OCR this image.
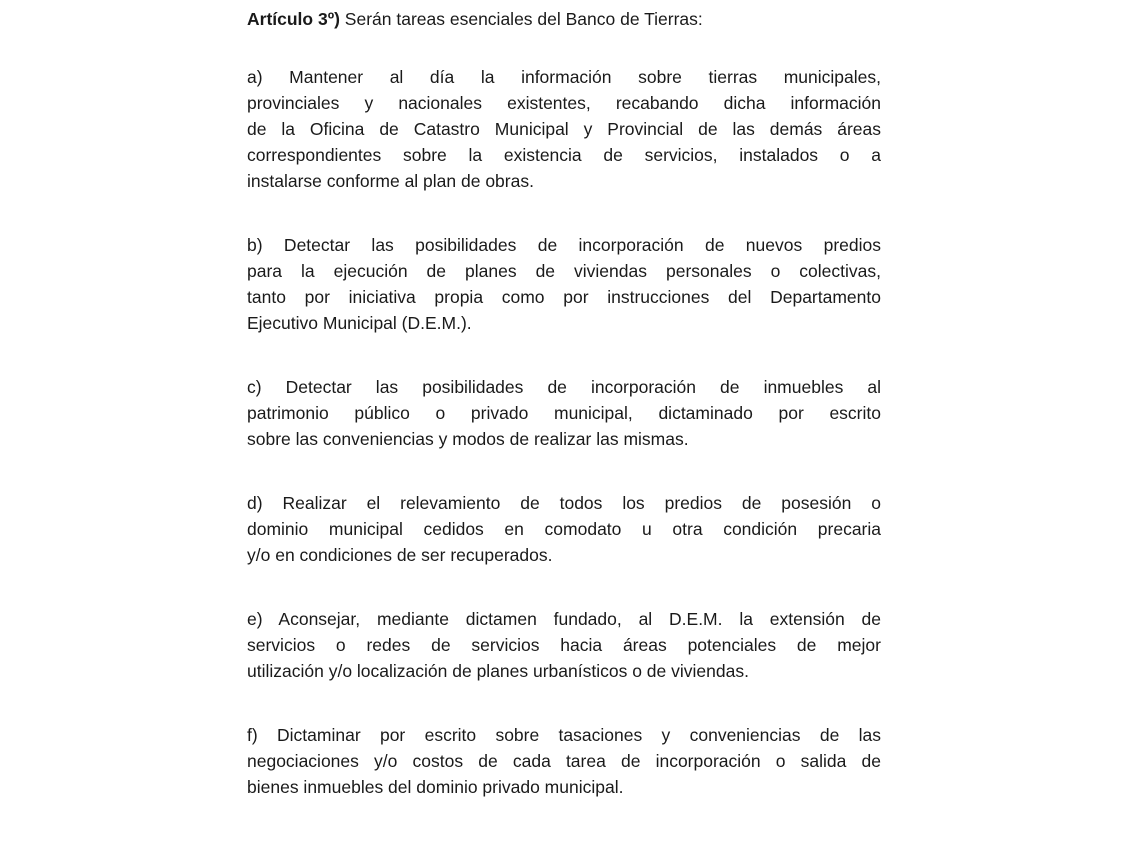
Artículo 3º) Serán tareas esenciales del Banco de Tierras:
a) Mantener al día la información sobre tierras municipales,
provinciales y nacionales existentes, recabando dicha información
de la Oficina de Catastro Municipal y Provincial de las demás áreas
correspondientes sobre la existencia de servicios, instalados o a
instalarse conforme al plan de obras.
b) Detectar las posibilidades de incorporación de nuevos predios
para la ejecución de planes de viviendas personales o colectivas,
tanto por iniciativa propia como por instrucciones del Departamento
Ejecutivo Municipal (D.E.M.).
c) Detectar las posibilidades de incorporación de inmuebles al
patrimonio público o privado municipal, dictaminado por escrito
sobre las conveniencias y modos de realizar las mismas.
d) Realizar el relevamiento de todos los predios de posesión o
dominio municipal cedidos en comodato u otra condición precaria
y/o en condiciones de ser recuperados.
e) Aconsejar, mediante dictamen fundado, al D.E.M. la extensión de
servicios o redes de servicios hacia áreas potenciales de mejor
utilización y/o localización de planes urbanísticos o de viviendas.
f) Dictaminar por escrito sobre tasaciones y conveniencias de las
negociaciones y/o costos de cada tarea de incorporación o salida de
bienes inmuebles del dominio privado municipal.
